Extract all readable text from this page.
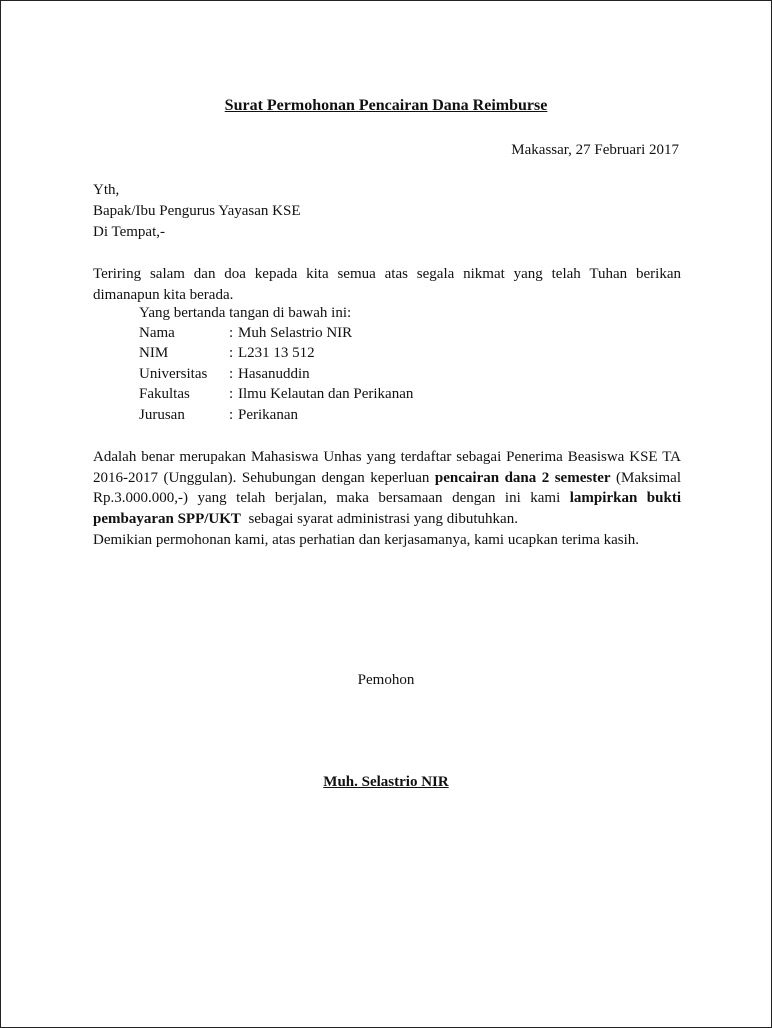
Surat Permohonan Pencairan Dana Reimburse
Makassar, 27 Februari 2017
Yth,
Bapak/Ibu Pengurus Yayasan KSE
Di Tempat,-
Teriring salam dan doa kepada kita semua atas segala nikmat yang telah Tuhan berikan dimanapun kita berada.
Yang bertanda tangan di bawah ini:
Nama	: Muh Selastrio NIR
NIM	: L231 13 512
Universitas : Hasanuddin
Fakultas	: Ilmu Kelautan dan Perikanan
Jurusan	: Perikanan
Adalah benar merupakan Mahasiswa Unhas yang terdaftar sebagai Penerima Beasiswa KSE TA 2016-2017 (Unggulan). Sehubungan dengan keperluan pencairan dana 2 semester (Maksimal Rp.3.000.000,-) yang telah berjalan, maka bersamaan dengan ini kami lampirkan bukti pembayaran SPP/UKT  sebagai syarat administrasi yang dibutuhkan.
Demikian permohonan kami, atas perhatian dan kerjasamanya, kami ucapkan terima kasih.
Pemohon
Muh. Selastrio NIR
